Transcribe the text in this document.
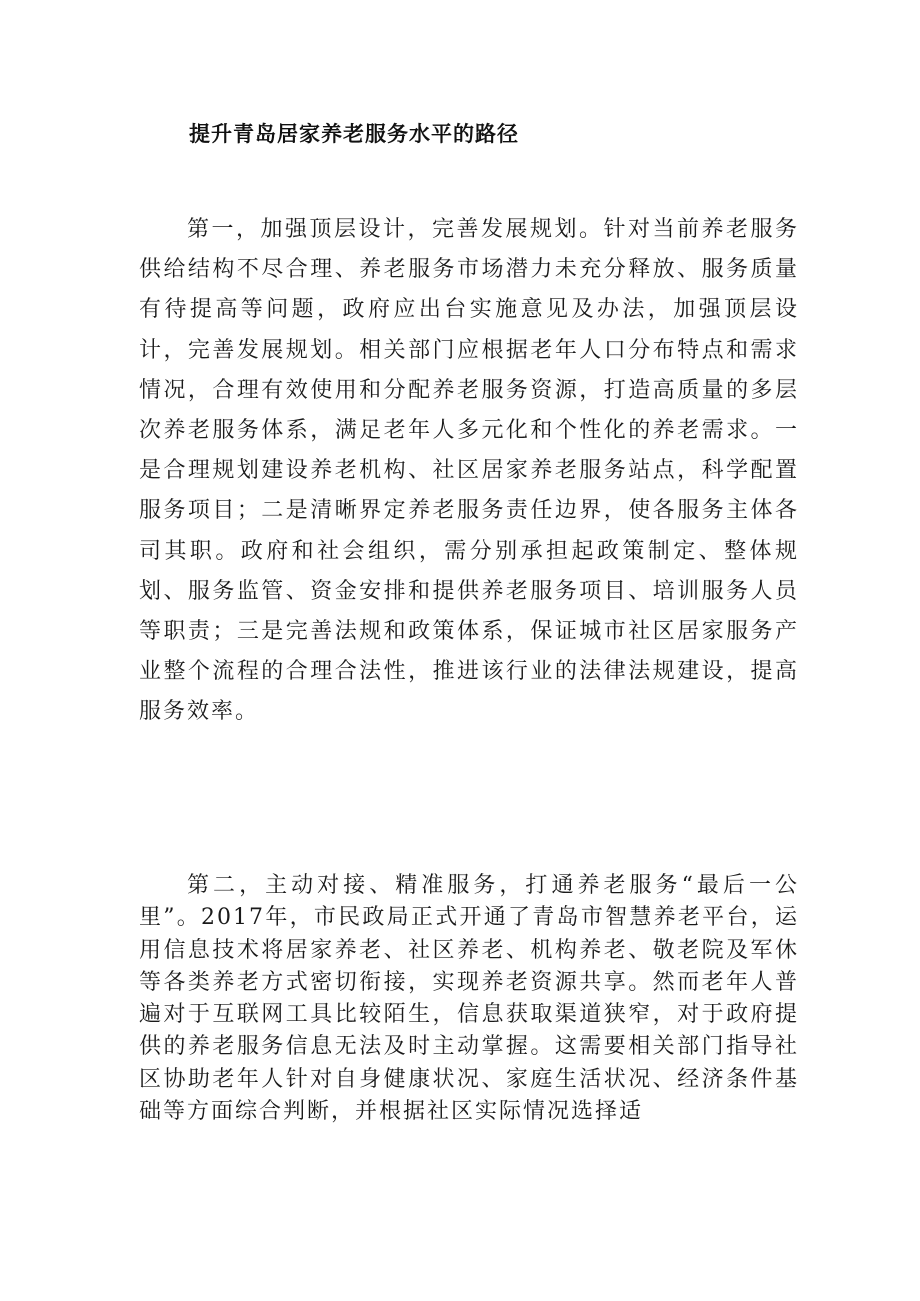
提升青岛居家养老服务水平的路径

第一，加强顶层设计，完善发展规划。针对当前养老服务供给结构不尽合理、养老服务市场潜力未充分释放、服务质量有待提高等问题，政府应出台实施意见及办法，加强顶层设计，完善发展规划。相关部门应根据老年人口分布特点和需求情况，合理有效使用和分配养老服务资源，打造高质量的多层次养老服务体系，满足老年人多元化和个性化的养老需求。一是合理规划建设养老机构、社区居家养老服务站点，科学配置服务项目；二是清晰界定养老服务责任边界，使各服务主体各司其职。政府和社会组织，需分别承担起政策制定、整体规划、服务监管、资金安排和提供养老服务项目、培训服务人员等职责；三是完善法规和政策体系，保证城市社区居家服务产业整个流程的合理合法性，推进该行业的法律法规建设，提高服务效率。

第二，主动对接、精准服务，打通养老服务“最后一公里”。2017年，市民政局正式开通了青岛市智慧养老平台，运用信息技术将居家养老、社区养老、机构养老、敬老院及军休等各类养老方式密切衔接，实现养老资源共享。然而老年人普遍对于互联网工具比较陌生，信息获取渠道狭窄，对于政府提供的养老服务信息无法及时主动掌握。这需要相关部门指导社区协助老年人针对自身健康状况、家庭生活状况、经济条件基础等方面综合判断，并根据社区实际情况选择适
